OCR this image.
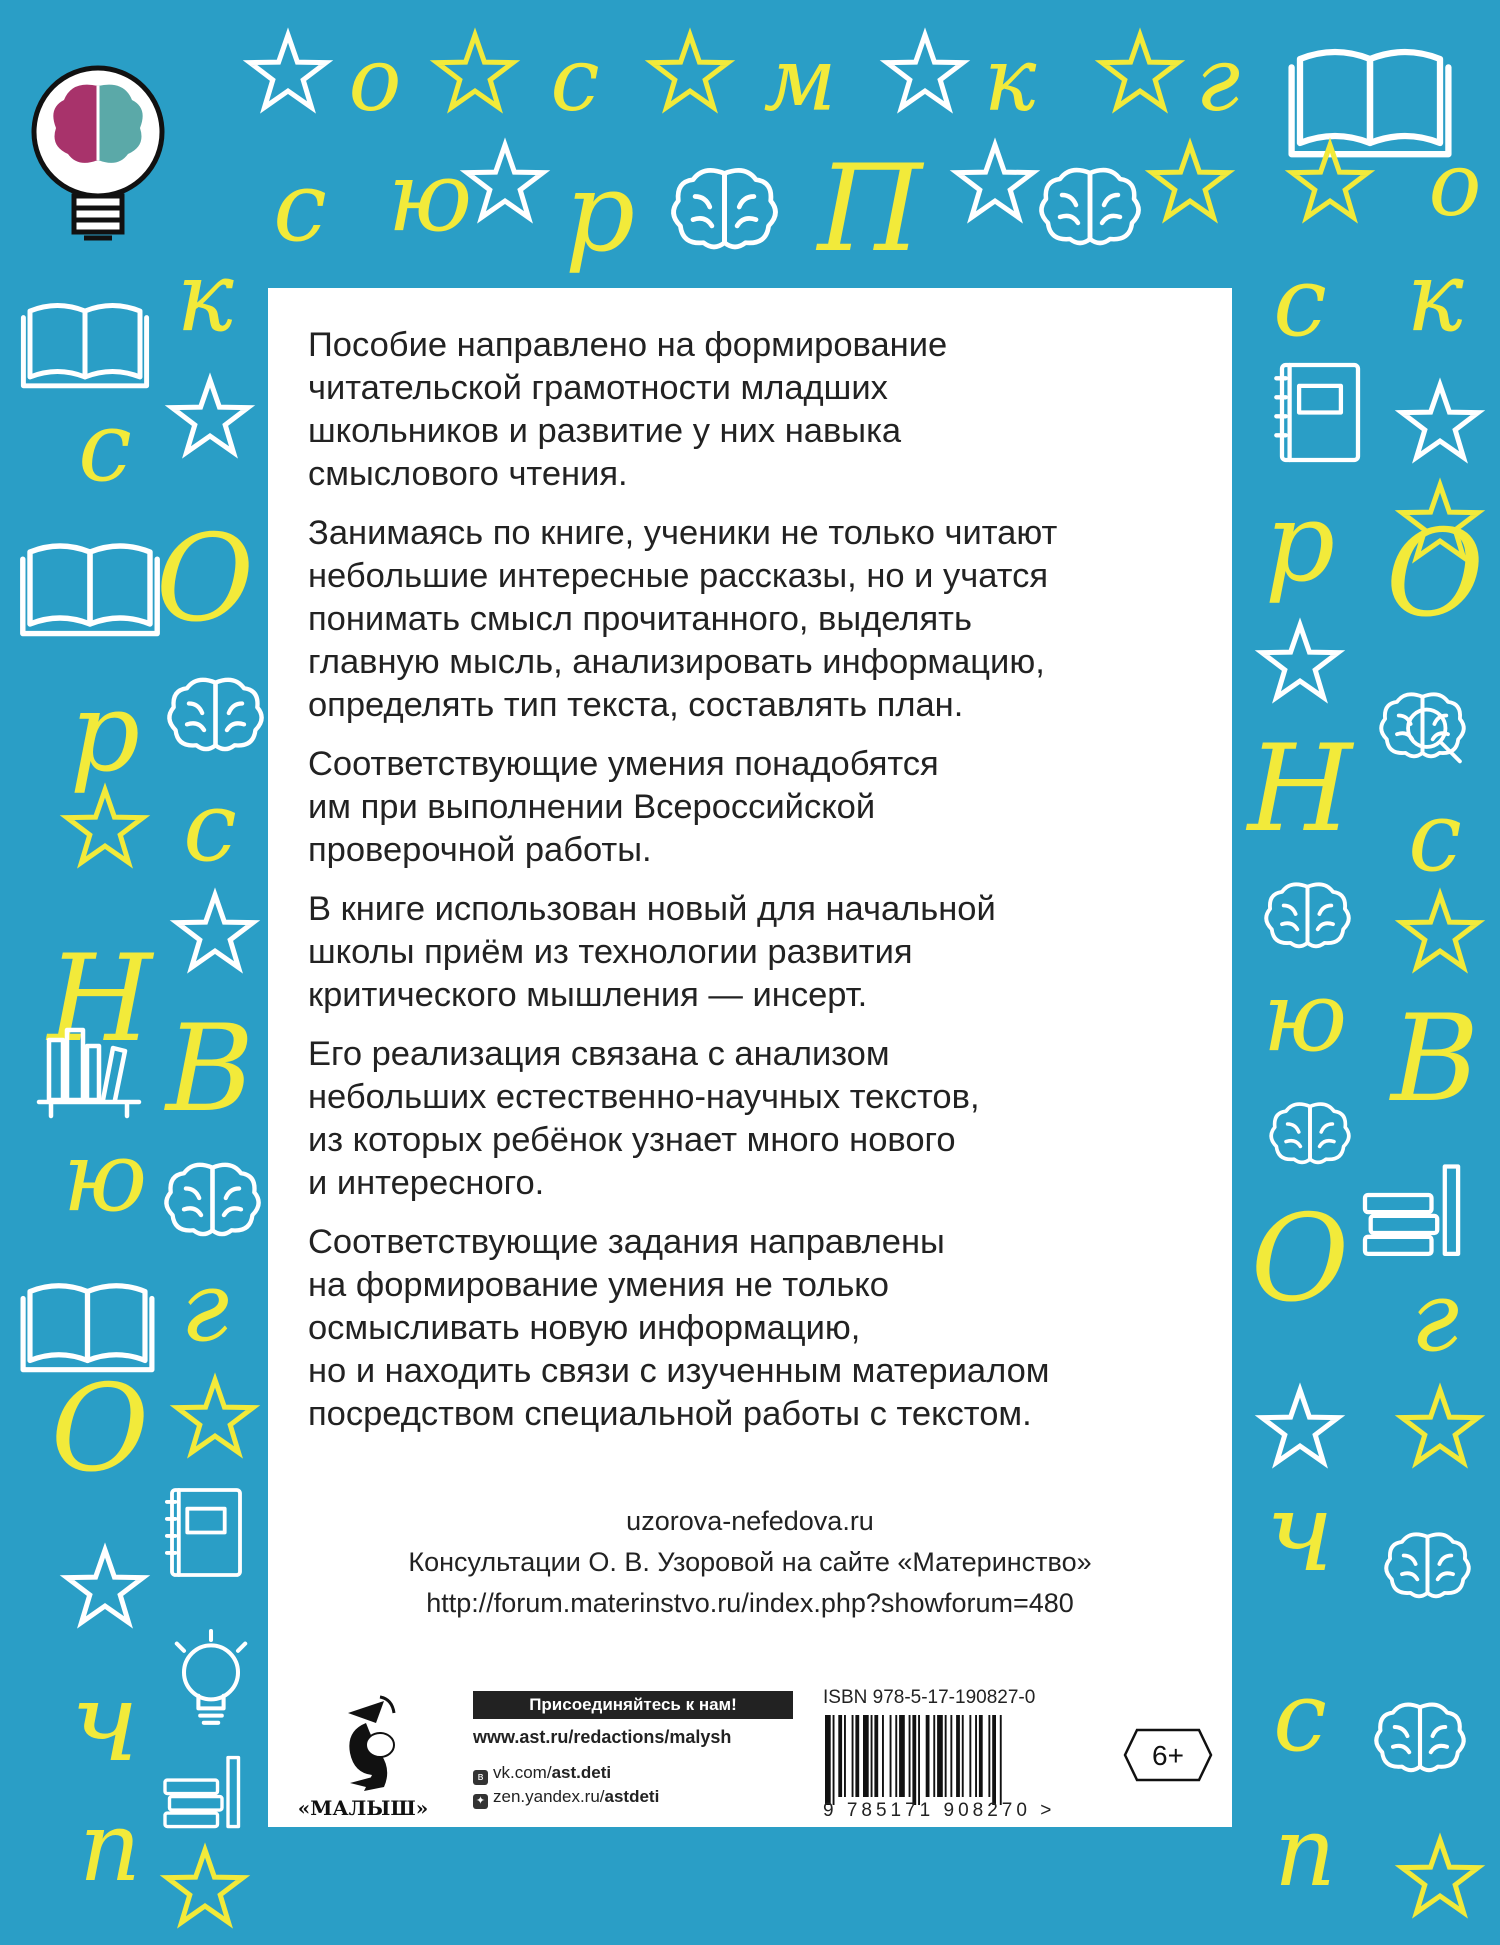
о с м к г
с ю р П	о
к
с
О
р
с
Н
В
ю
г
О
ч
п
с к
р О
Н с
ю В
О г
ч
с
п

Пособие направлено на формирование
читательской грамотности младших
школьников и развитие у них навыка
смыслового чтения.

Занимаясь по книге, ученики не только читают
небольшие интересные рассказы, но и учатся
понимать смысл прочитанного, выделять
главную мысль, анализировать информацию,
определять тип текста, составлять план.

Соответствующие умения понадобятся
им при выполнении Всероссийской
проверочной работы.

В книге использован новый для начальной
школы приём из технологии развития
критического мышления — инсерт.

Его реализация связана с анализом
небольших естественно-научных текстов,
из которых ребёнок узнает много нового
и интересного.

Соответствующие задания направлены
на формирование умения не только
осмысливать новую информацию,
но и находить связи с изученным материалом
посредством специальной работы с текстом.

uzorova-nefedova.ru
Консультации О. В. Узоровой на сайте «Материнство»
http://forum.materinstvo.ru/index.php?showforum=480
«МАЛЫШ»
Присоединяйтесь к нам!
www.ast.ru/redactions/malysh
в vk.com/ast.deti
✦ zen.yandex.ru/astdeti
ISBN 978-5-17-190827-0
9 785171 908270 >
6+
